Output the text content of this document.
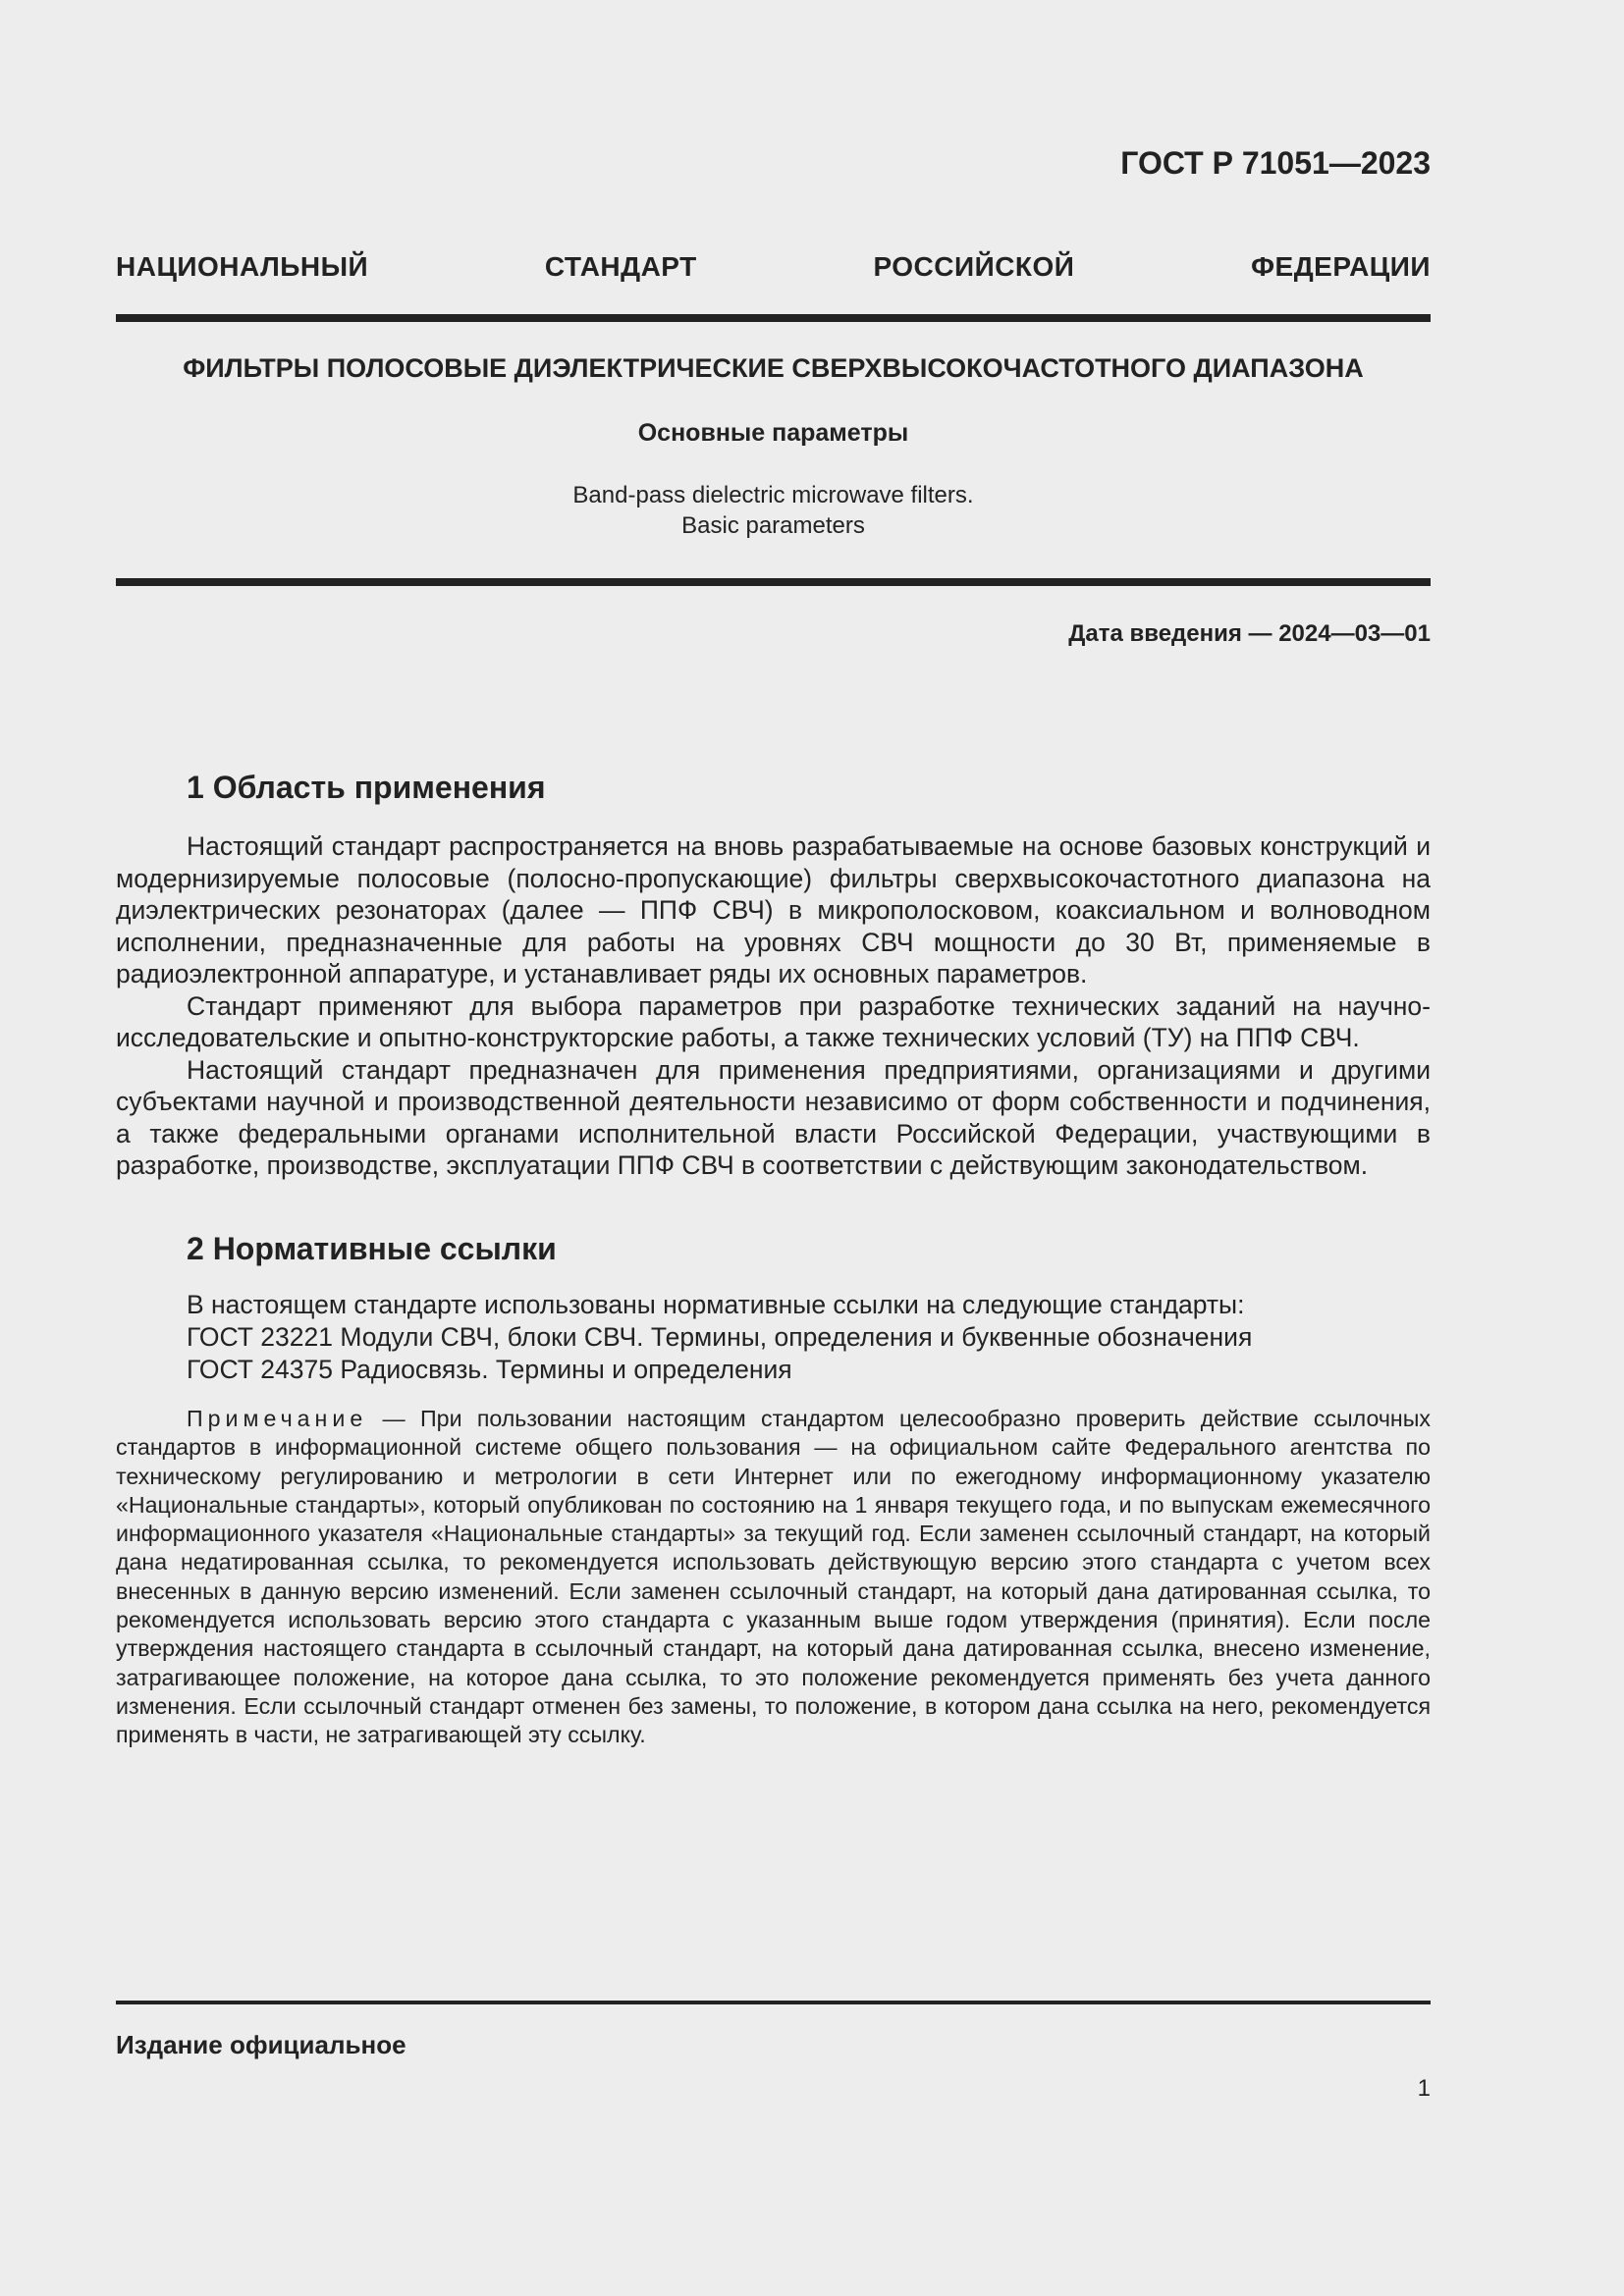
ГОСТ Р 71051—2023
НАЦИОНАЛЬНЫЙ СТАНДАРТ РОССИЙСКОЙ ФЕДЕРАЦИИ
ФИЛЬТРЫ ПОЛОСОВЫЕ ДИЭЛЕКТРИЧЕСКИЕ СВЕРХВЫСОКОЧАСТОТНОГО ДИАПАЗОНА
Основные параметры
Band-pass dielectric microwave filters.
Basic parameters
Дата введения — 2024—03—01
1 Область применения

Настоящий стандарт распространяется на вновь разрабатываемые на основе базовых конструкций и модернизируемые полосовые (полосно-пропускающие) фильтры сверхвысокочастотного диапазона на диэлектрических резонаторах (далее — ППФ СВЧ) в микрополосковом, коаксиальном и волноводном исполнении, предназначенные для работы на уровнях СВЧ мощности до 30 Вт, применяемые в радиоэлектронной аппаратуре, и устанавливает ряды их основных параметров.

Стандарт применяют для выбора параметров при разработке технических заданий на научно-исследовательские и опытно-конструкторские работы, а также технических условий (ТУ) на ППФ СВЧ.

Настоящий стандарт предназначен для применения предприятиями, организациями и другими субъектами научной и производственной деятельности независимо от форм собственности и подчинения, а также федеральными органами исполнительной власти Российской Федерации, участвующими в разработке, производстве, эксплуатации ППФ СВЧ в соответствии с действующим законодательством.

2 Нормативные ссылки
В настоящем стандарте использованы нормативные ссылки на следующие стандарты:
ГОСТ 23221 Модули СВЧ, блоки СВЧ. Термины, определения и буквенные обозначения
ГОСТ 24375 Радиосвязь. Термины и определения

Примечание — При пользовании настоящим стандартом целесообразно проверить действие ссылочных стандартов в информационной системе общего пользования — на официальном сайте Федерального агентства по техническому регулированию и метрологии в сети Интернет или по ежегодному информационному указателю «Национальные стандарты», который опубликован по состоянию на 1 января текущего года, и по выпускам ежемесячного информационного указателя «Национальные стандарты» за текущий год. Если заменен ссылочный стандарт, на который дана недатированная ссылка, то рекомендуется использовать действующую версию этого стандарта с учетом всех внесенных в данную версию изменений. Если заменен ссылочный стандарт, на который дана датированная ссылка, то рекомендуется использовать версию этого стандарта с указанным выше годом утверждения (принятия). Если после утверждения настоящего стандарта в ссылочный стандарт, на который дана датированная ссылка, внесено изменение, затрагивающее положение, на которое дана ссылка, то это положение рекомендуется применять без учета данного изменения. Если ссылочный стандарт отменен без замены, то положение, в котором дана ссылка на него, рекомендуется применять в части, не затрагивающей эту ссылку.

Издание официальное
1
